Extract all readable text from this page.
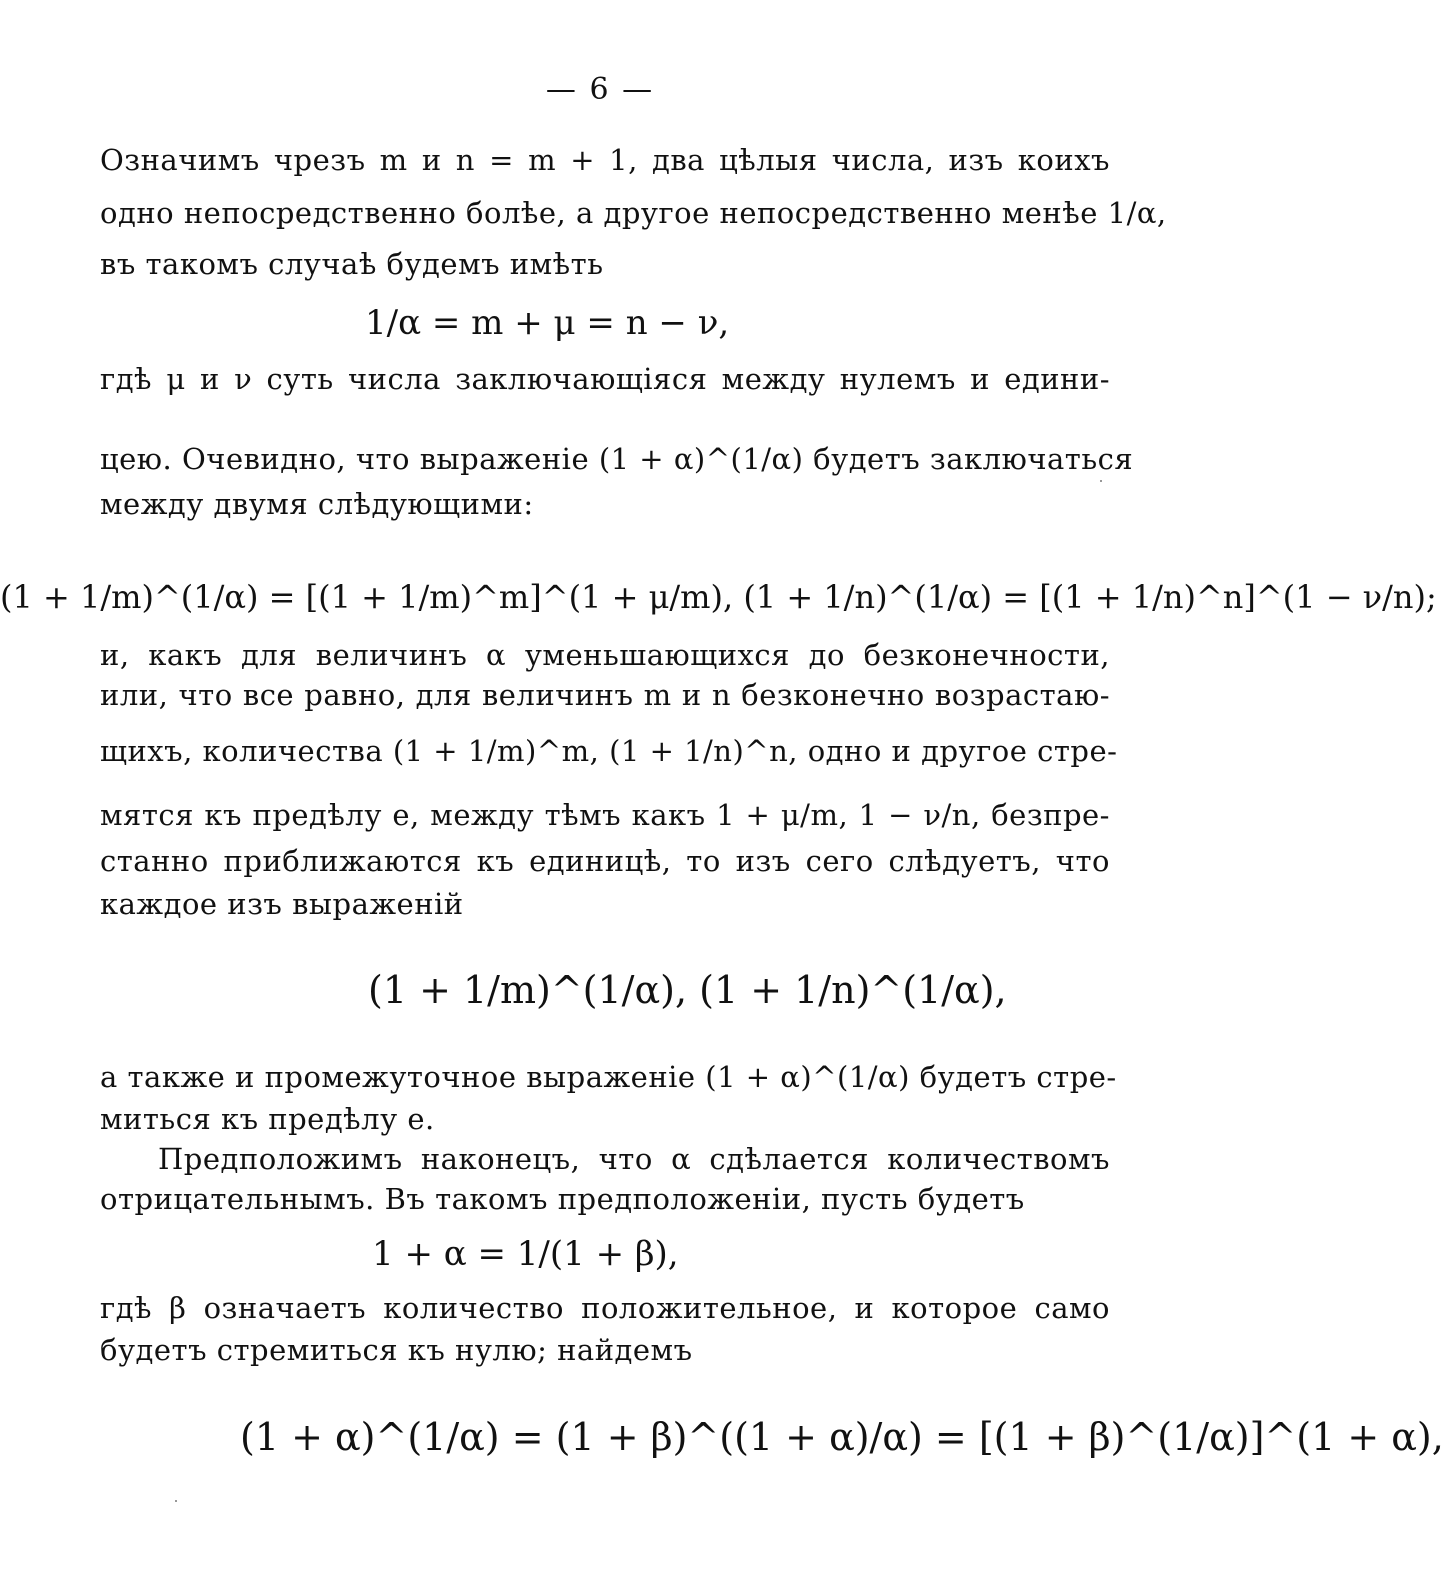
— 6 —
Означимъ чрезъ m и n = m + 1, два цѣлыя числа, изъ коихъ
одно непосредственно болѣе, а другое непосредственно менѣе 1/α,
въ такомъ случаѣ будемъ имѣть
1/α = m + μ = n − ν,
гдѣ μ и ν суть числа заключающіяся между нулемъ и едини-
цею. Очевидно, что выраженіе (1 + α)^(1/α) будетъ заключаться
между двумя слѣдующими:
(1 + 1/m)^(1/α) = [(1 + 1/m)^m]^(1 + μ/m), (1 + 1/n)^(1/α) = [(1 + 1/n)^n]^(1 − ν/n);
и, какъ для величинъ α уменьшающихся до безконечности,
или, что все равно, для величинъ m и n безконечно возрастаю-
щихъ, количества (1 + 1/m)^m, (1 + 1/n)^n, одно и другое стре-
мятся къ предѣлу e, между тѣмъ какъ 1 + μ/m, 1 − ν/n, безпре-
станно приближаются къ единицѣ, то изъ сего слѣдуетъ, что
каждое изъ выраженій
(1 + 1/m)^(1/α), (1 + 1/n)^(1/α),
а также и промежуточное выраженіе (1 + α)^(1/α) будетъ стре-
миться къ предѣлу e.
Предположимъ наконецъ, что α сдѣлается количествомъ
отрицательнымъ. Въ такомъ предположеніи, пусть будетъ
1 + α = 1/(1 + β),
гдѣ β означаетъ количество положительное, и которое само
будетъ стремиться къ нулю; найдемъ
(1 + α)^(1/α) = (1 + β)^((1 + α)/α) = [(1 + β)^(1/α)]^(1 + α),
